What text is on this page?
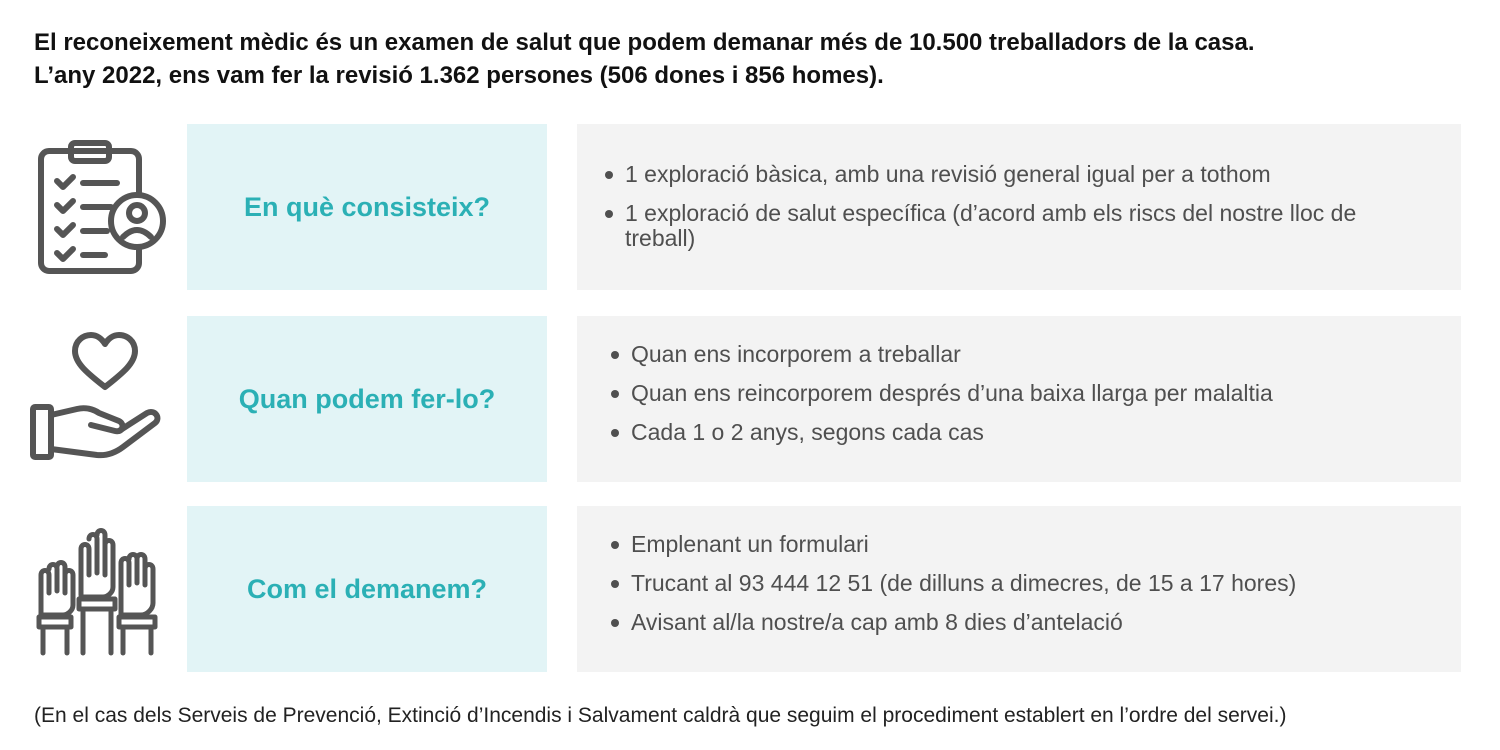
El reconeixement mèdic és un examen de salut que podem demanar més de 10.500 treballadors de la casa.

L’any 2022, ens vam fer la revisió 1.362 persones (506 dones i 856 homes).

En què consisteix?
1 exploració bàsica, amb una revisió general igual per a tothom
1 exploració de salut específica (d’acord amb els riscs del nostre lloc de treball)
Quan podem fer-lo?
Quan ens incorporem a treballar
Quan ens reincorporem després d’una baixa llarga per malaltia
Cada 1 o 2 anys, segons cada cas
Com el demanem?
Emplenant un formulari
Trucant al 93 444 12 51 (de dilluns a dimecres, de 15 a 17 hores)
Avisant al/la nostre/a cap amb 8 dies d’antelació
(En el cas dels Serveis de Prevenció, Extinció d’Incendis i Salvament caldrà que seguim el procediment establert en l’ordre del servei.)
